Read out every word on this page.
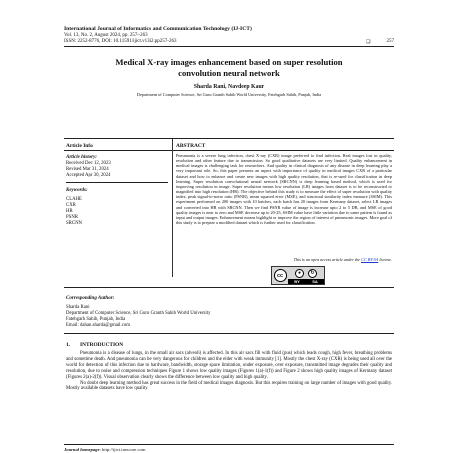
International Journal of Informatics and Communication Technology (IJ-ICT)
Vol. 13, No. 2, August 2024, pp. 257~263
ISSN: 2252-8776, DOI: 10.11591/ijict.v13i2.pp257-263	❏	257
Medical X-ray images enhancement based on super resolution
convolution neural network
Sharda Rani, Navdeep Kaur
Department of Computer Science, Sri Guru Granth Sahib World University, Fatehgarh Sahib, Punjab, India
Article Info	ABSTRACT
Article history:
Received Dec 12, 2023
Revised Mar 31, 2024
Accepted Apr 30, 2024
Keywords:
CLAHE
CXR
HR
PSNR
SRCNN
Pneumonia is a severe lung infection, chest X-ray (CXR) image preferred to find infection. Real images lost in quality, resolution and other feature due to transmission. So good qualitative datasets are very limited. Quality enhancement in medical images is challenging task for researchers. And quality in clinical diagnosis of any disease in deep learning play a very important role. So, this paper presents an aspect with importance of quality in medical images CXR of a particular dataset and how to enhance and create new images with high quality resolution, that is re-used for classification in deep learning. Super resolution convolutional neural network (SRCNN) is deep learning based method, which is used for improving resolution in image. Super resolution means low resolution (LR) images from dataset is to be reconstructed or magnified into high resolution (HR). The objective behind this study is to measure the effect of super resolution with quality index, peak signal-to-noise ratio (PSNR), mean squared error (MSE), and structural similarity index measure (SSIM). This experiment performed on 200 images with 10 batches, each batch has 20 images from Kermany dataset, select LR images and converted into HR with SRCNN. Then we find PSNR value of image is increase upto 2 to 5 DB, and MSE of good quality images is near to zero and MSE decrease up to 20-25, SSIM value have little variation due to same pattern is found as input and output images. Enhancement means highlight or improve the region of interest of pneumonic images. More goal of this study is to prepare a modified dataset which is further used for classification.
This is an open access article under the CC BY-SA license.
cc	●	↻
BY	SA
Corresponding Author:
Sharda Rani
Department of Computer Science, Sri Guru Granth Sahib World University
Fatehgarh Sahib, Punjab, India
Email: dahan.sharda@gmail.com
1. INTRODUCTION

Pneumonia is a disease of lungs, in the small air sacs (alveoli) is affected. In this air sacs fill with fluid (pus) which leads cough, high fever, breathing problems and sometime death. And pneumonia can be very dangerous for children and the elder with weak immunity [1]. Mostly the chest X-ray (CXR) is being used all over the world for detection of this infection due to hardware, bandwidth, storage space limitation, under exposure, over exposure, transmitted image degrades their quality and resolution, due to noise and compression techniques Figure 1 shows low quality images (Figures 1(a)-1(f)) and Figure 2 shows high quality images of Kermany dataset (Figures 2(a)-2(f)). Visual observation clearly shows the difference between low quality and high quality.

No doubt deep learning method has great success in the field of medical images diagnosis. But this requires training on large number of images with good quality. Mostly available datasets have low quality

Journal homepage: http://ijict.iaescore.com
